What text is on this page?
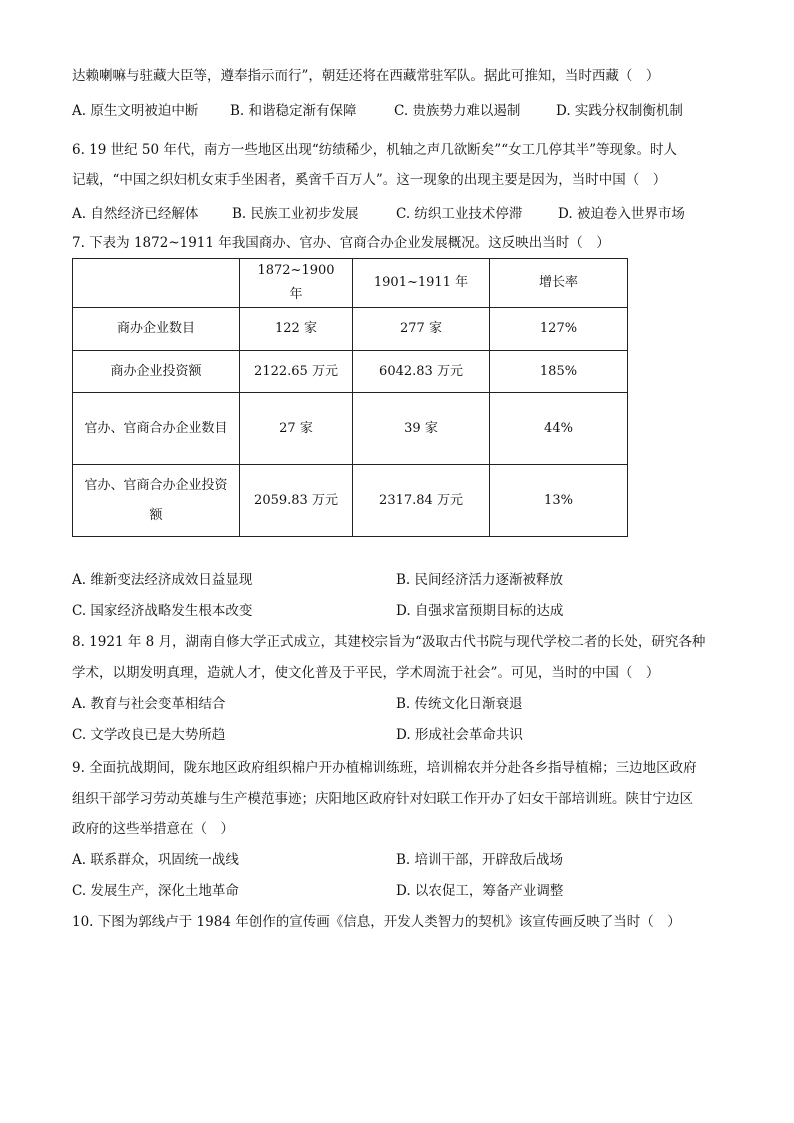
达赖喇嘛与驻藏大臣等，遵奉指示而行”，朝廷还将在西藏常驻军队。据此可推知，当时西藏（　）
A. 原生文明被迫中断 B. 和谐稳定渐有保障	C. 贵族势力难以遏制	D. 实践分权制衡机制
6. 19 世纪 50 年代，南方一些地区出现“纺绩稀少，机轴之声几欲断矣”“女工几停其半”等现象。时人
记载，“中国之织妇机女束手坐困者，奚啻千百万人”。这一现象的出现主要是因为，当时中国（　）
A. 自然经济已经解体 B. 民族工业初步发展	C. 纺织工业技术停滞	D. 被迫卷入世界市场
7. 下表为 1872~1911 年我国商办、官办、官商合办企业发展概况。这反映出当时（　）
	1872~1900 年	1901~1911 年	增长率
商办企业数目	122 家	277 家	127%
商办企业投资额	2122.65 万元	6042.83 万元	185%
官办、官商合办企业数目	27 家	39 家	44%
官办、官商合办企业投资额	2059.83 万元	2317.84 万元	13%
A. 维新变法经济成效日益显现	B. 民间经济活力逐渐被释放
C. 国家经济战略发生根本改变	D. 自强求富预期目标的达成
8. 1921 年 8 月，湖南自修大学正式成立，其建校宗旨为“汲取古代书院与现代学校二者的长处，研究各种
学术，以期发明真理，造就人才，使文化普及于平民，学术周流于社会”。可见，当时的中国（　）
A. 教育与社会变革相结合	B. 传统文化日渐衰退
C. 文学改良已是大势所趋	D. 形成社会革命共识
9. 全面抗战期间，陇东地区政府组织棉户开办植棉训练班，培训棉农并分赴各乡指导植棉；三边地区政府
组织干部学习劳动英雄与生产模范事迹；庆阳地区政府针对妇联工作开办了妇女干部培训班。陕甘宁边区
政府的这些举措意在（　）
A. 联系群众，巩固统一战线	B. 培训干部，开辟敌后战场
C. 发展生产，深化土地革命	D. 以农促工，筹备产业调整
10. 下图为郭线卢于 1984 年创作的宣传画《信息，开发人类智力的契机》该宣传画反映了当时（　）
